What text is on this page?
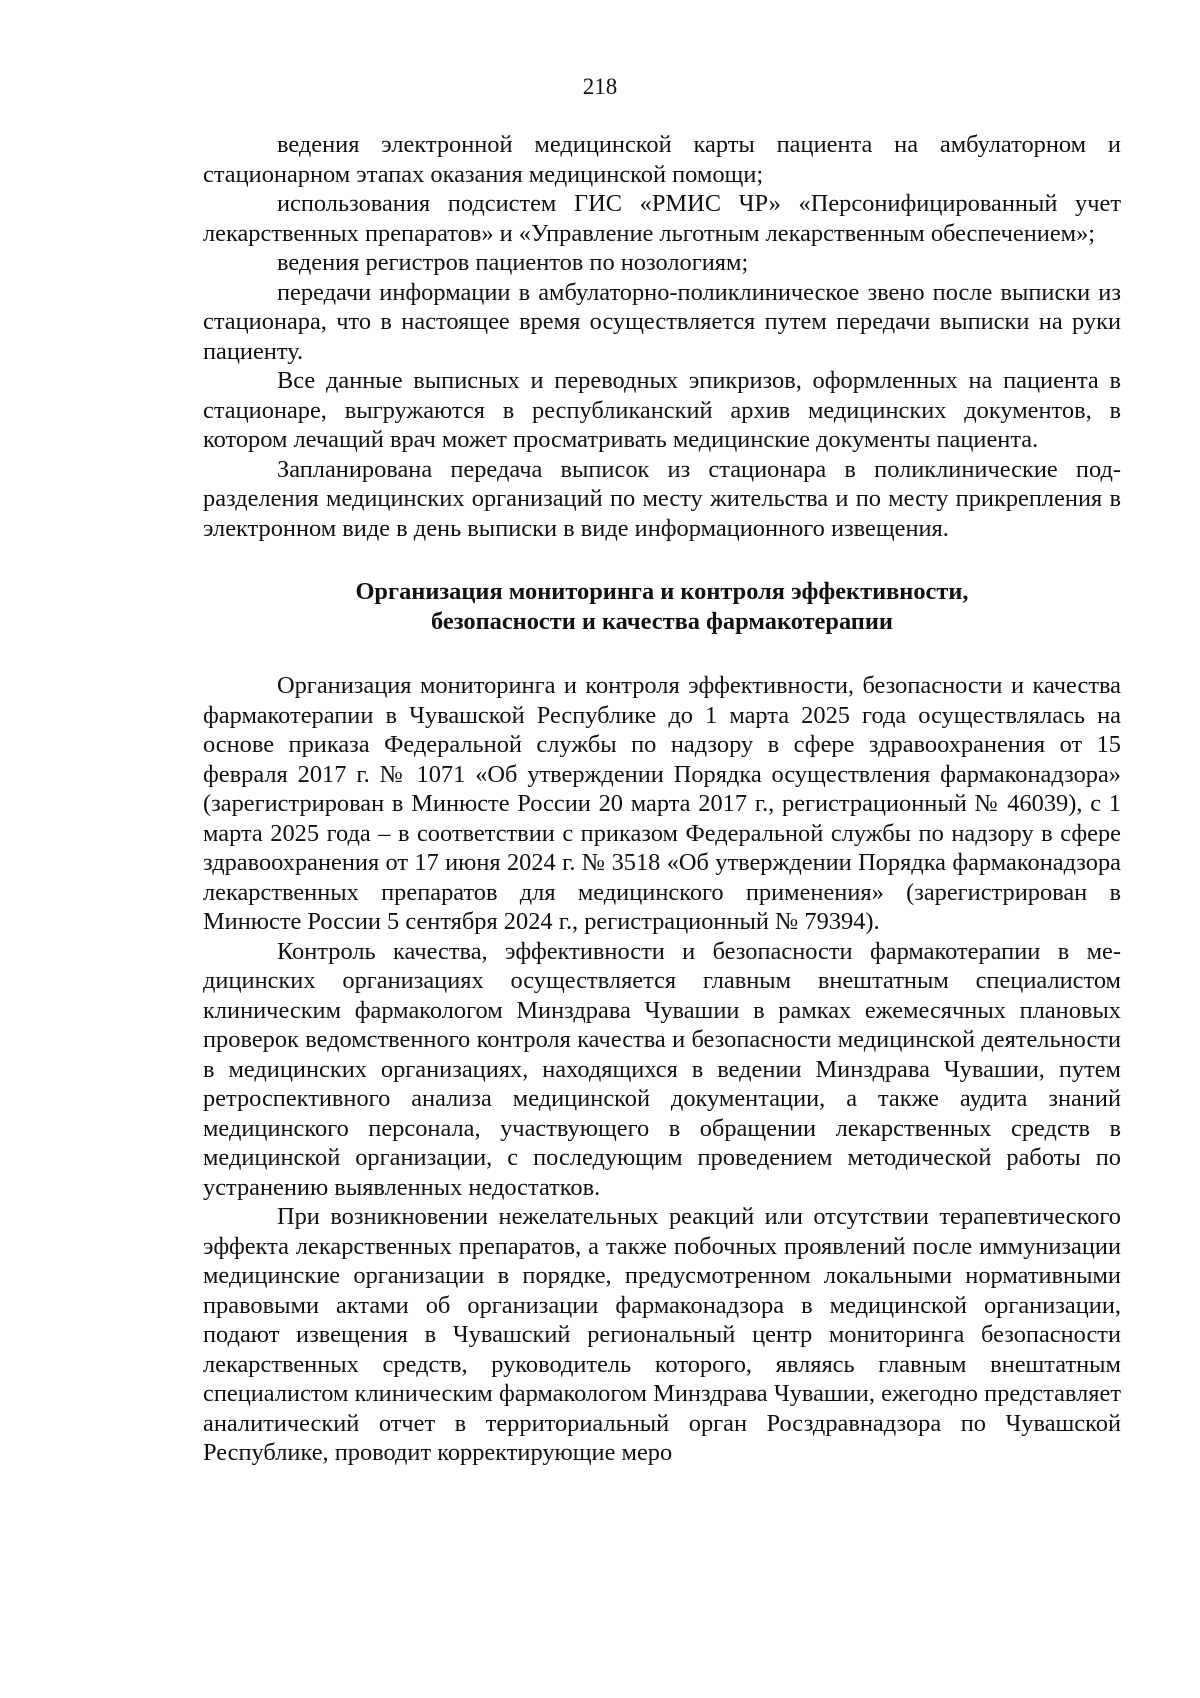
218

ведения электронной медицинской карты пациента на амбулаторном и стационарном этапах оказания медицинской помощи;

использования подсистем ГИС «РМИС ЧР» «Персонифицированный учет лекарственных препаратов» и «Управление льготным лекарственным обеспечением»;

ведения регистров пациентов по нозологиям;

передачи информации в амбулаторно-поликлиническое звено после выписки из стационара, что в настоящее время осуществляется путем передачи выписки на руки пациенту.

Все данные выписных и переводных эпикризов, оформленных на пациента в стационаре, выгружаются в республиканский архив медицинских документов, в котором лечащий врач может просматривать медицинские документы пациента.

Запланирована передача выписок из стационара в поликлинические подразделения медицинских организаций по месту жительства и по месту прикрепления в электронном виде в день выписки в виде информационного извещения.

Организация мониторинга и контроля эффективности,
безопасности и качества фармакотерапии

Организация мониторинга и контроля эффективности, безопасности и качества фармакотерапии в Чувашской Республике до 1 марта 2025 года осуществлялась на основе приказа Федеральной службы по надзору в сфере здравоохранения от 15 февраля 2017 г. № 1071 «Об утверждении Порядка осуществления фармаконадзора» (зарегистрирован в Минюсте России 20 марта 2017 г., регистрационный № 46039), с 1 марта 2025 года – в соответствии с приказом Федеральной службы по надзору в сфере здравоохранения от 17 июня 2024 г. № 3518 «Об утверждении Порядка фармаконадзора лекарственных препаратов для медицинского применения» (зарегистрирован в Минюсте России 5 сентября 2024 г., регистрационный № 79394).

Контроль качества, эффективности и безопасности фармакотерапии в медицинских организациях осуществляется главным внештатным специалистом клиническим фармакологом Минздрава Чувашии в рамках ежемесячных плановых проверок ведомственного контроля качества и безопасности медицинской деятельности в медицинских организациях, находящихся в ведении Минздрава Чувашии, путем ретроспективного анализа медицинской документации, а также аудита знаний медицинского персонала, участвующего в обращении лекарственных средств в медицинской организации, с последующим проведением методической работы по устранению выявленных недостатков.

При возникновении нежелательных реакций или отсутствии терапевтического эффекта лекарственных препаратов, а также побочных проявлений после иммунизации медицинские организации в порядке, предусмотренном локальными нормативными правовыми актами об организации фармаконадзора в медицинской организации, подают извещения в Чувашский региональный центр мониторинга безопасности лекарственных средств, руководитель которого, являясь главным внештатным специалистом клиническим фармакологом Минздрава Чувашии, ежегодно представляет аналитический отчет в территориальный орган Росздравнадзора по Чувашской Республике, проводит корректирующие меро
